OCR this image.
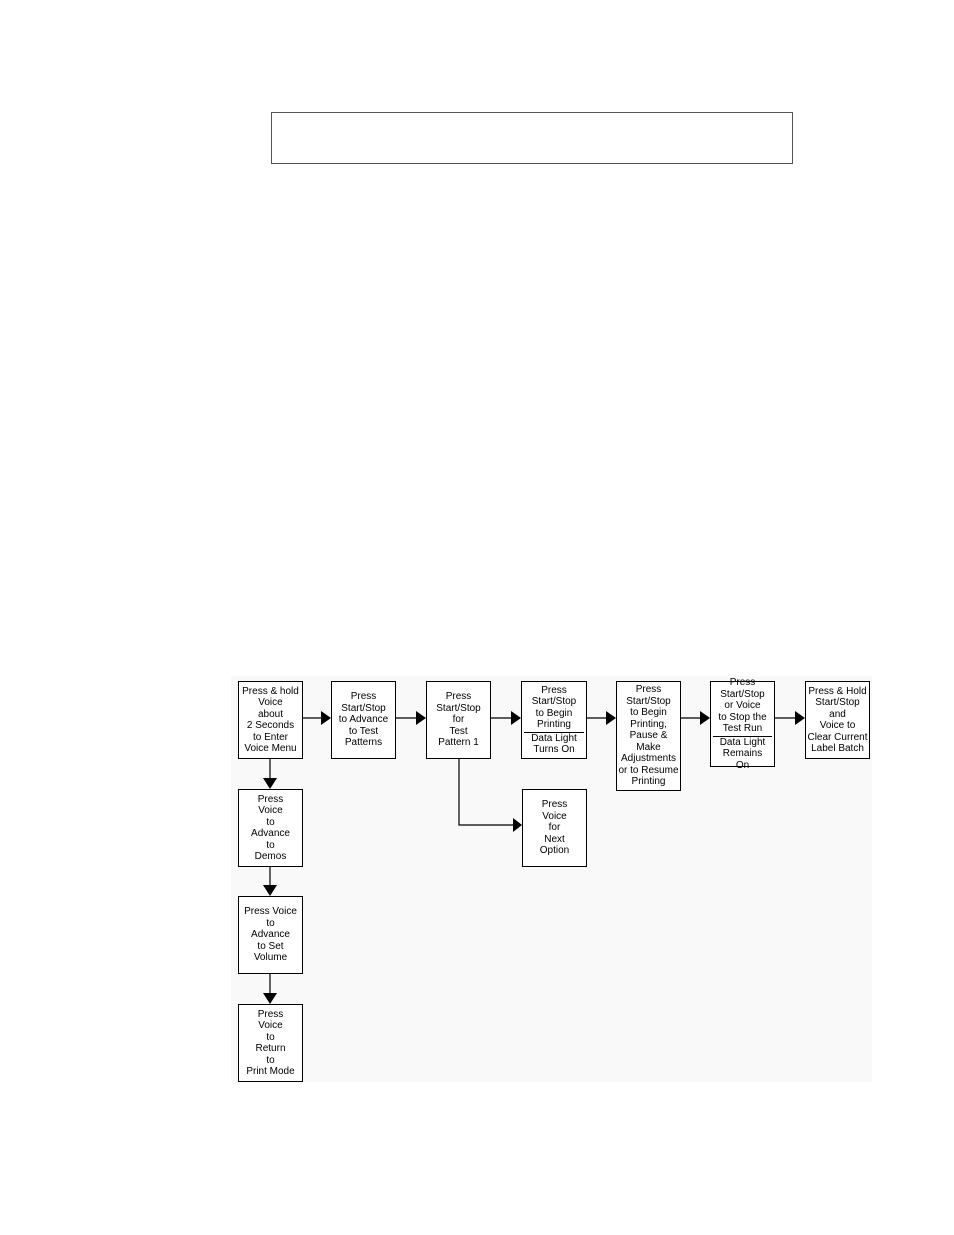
Press & hold
Voice
about
2 Seconds
to Enter
Voice Menu
Press
Start/Stop
to Advance
to Test
Patterns
Press
Start/Stop
for
Test
Pattern 1
Press
Start/Stop
to Begin
Printing
Data Light
Turns On
Press
Start/Stop
to Begin
Printing,
Pause &
Make
Adjustments
or to Resume
Printing
Press
Start/Stop
or Voice
to Stop the
Test Run
Data Light
Remains On
Press & Hold
Start/Stop
and
Voice to
Clear Current
Label Batch
Press
Voice
for
Next
Option
Press
Voice
to
Advance
to
Demos
Press Voice
to
Advance
to Set
Volume
Press
Voice
to
Return
to
Print Mode
